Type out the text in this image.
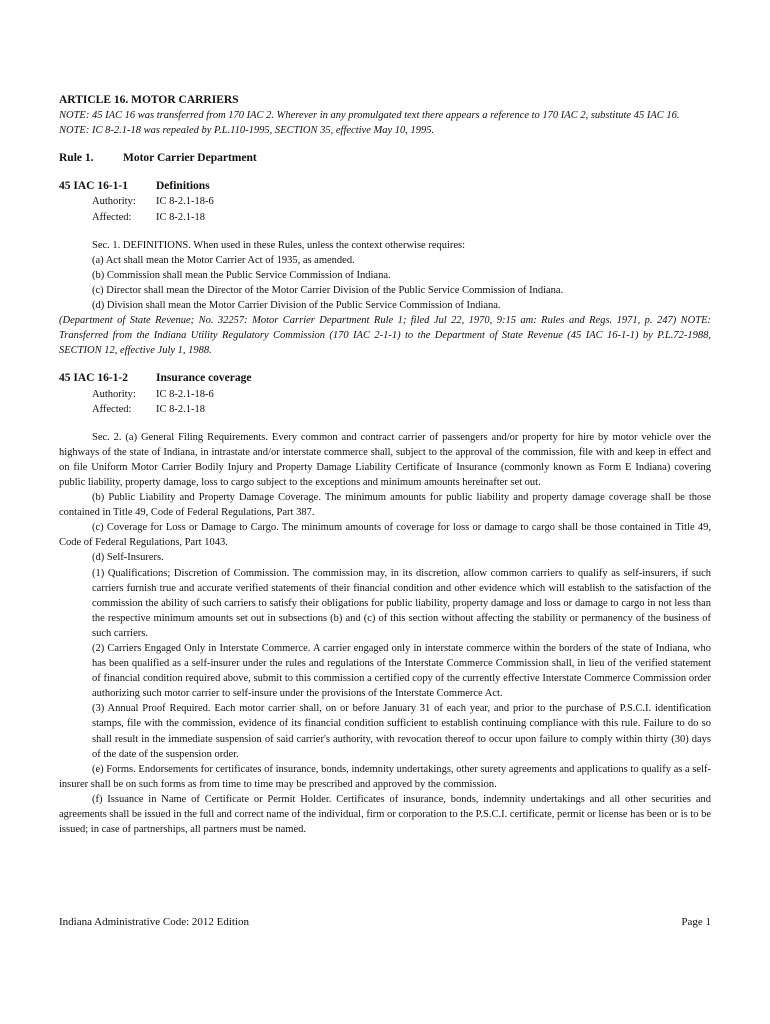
ARTICLE 16. MOTOR CARRIERS
NOTE: 45 IAC 16 was transferred from 170 IAC 2. Wherever in any promulgated text there appears a reference to 170 IAC 2, substitute 45 IAC 16.
NOTE: IC 8-2.1-18 was repealed by P.L.110-1995, SECTION 35, effective May 10, 1995.
Rule 1.	Motor Carrier Department
45 IAC 16-1-1	Definitions
Authority:	IC 8-2.1-18-6
Affected:	IC 8-2.1-18
Sec. 1. DEFINITIONS. When used in these Rules, unless the context otherwise requires:
(a) Act shall mean the Motor Carrier Act of 1935, as amended.
(b) Commission shall mean the Public Service Commission of Indiana.
(c) Director shall mean the Director of the Motor Carrier Division of the Public Service Commission of Indiana.
(d) Division shall mean the Motor Carrier Division of the Public Service Commission of Indiana.
(Department of State Revenue; No. 32257: Motor Carrier Department Rule 1; filed Jul 22, 1970, 9:15 am: Rules and Regs. 1971, p. 247) NOTE: Transferred from the Indiana Utility Regulatory Commission (170 IAC 2-1-1) to the Department of State Revenue (45 IAC 16-1-1) by P.L.72-1988, SECTION 12, effective July 1, 1988.
45 IAC 16-1-2	Insurance coverage
Authority:	IC 8-2.1-18-6
Affected:	IC 8-2.1-18
Sec. 2. (a) General Filing Requirements. Every common and contract carrier of passengers and/or property for hire by motor vehicle over the highways of the state of Indiana, in intrastate and/or interstate commerce shall, subject to the approval of the commission, file with and keep in effect and on file Uniform Motor Carrier Bodily Injury and Property Damage Liability Certificate of Insurance (commonly known as Form E Indiana) covering public liability, property damage, loss to cargo subject to the exceptions and minimum amounts hereinafter set out.
(b) Public Liability and Property Damage Coverage. The minimum amounts for public liability and property damage coverage shall be those contained in Title 49, Code of Federal Regulations, Part 387.
(c) Coverage for Loss or Damage to Cargo. The minimum amounts of coverage for loss or damage to cargo shall be those contained in Title 49, Code of Federal Regulations, Part 1043.
(d) Self-Insurers.
(1) Qualifications; Discretion of Commission. The commission may, in its discretion, allow common carriers to qualify as self-insurers, if such carriers furnish true and accurate verified statements of their financial condition and other evidence which will establish to the satisfaction of the commission the ability of such carriers to satisfy their obligations for public liability, property damage and loss or damage to cargo in not less than the respective minimum amounts set out in subsections (b) and (c) of this section without affecting the stability or permanency of the business of such carriers.
(2) Carriers Engaged Only in Interstate Commerce. A carrier engaged only in interstate commerce within the borders of the state of Indiana, who has been qualified as a self-insurer under the rules and regulations of the Interstate Commerce Commission shall, in lieu of the verified statement of financial condition required above, submit to this commission a certified copy of the currently effective Interstate Commerce Commission order authorizing such motor carrier to self-insure under the provisions of the Interstate Commerce Act.
(3) Annual Proof Required. Each motor carrier shall, on or before January 31 of each year, and prior to the purchase of P.S.C.I. identification stamps, file with the commission, evidence of its financial condition sufficient to establish continuing compliance with this rule. Failure to do so shall result in the immediate suspension of said carrier's authority, with revocation thereof to occur upon failure to comply within thirty (30) days of the date of the suspension order.
(e) Forms. Endorsements for certificates of insurance, bonds, indemnity undertakings, other surety agreements and applications to qualify as a self-insurer shall be on such forms as from time to time may be prescribed and approved by the commission.
(f) Issuance in Name of Certificate or Permit Holder. Certificates of insurance, bonds, indemnity undertakings and all other securities and agreements shall be issued in the full and correct name of the individual, firm or corporation to the P.S.C.I. certificate, permit or license has been or is to be issued; in case of partnerships, all partners must be named.
Indiana Administrative Code: 2012 Edition	Page 1
